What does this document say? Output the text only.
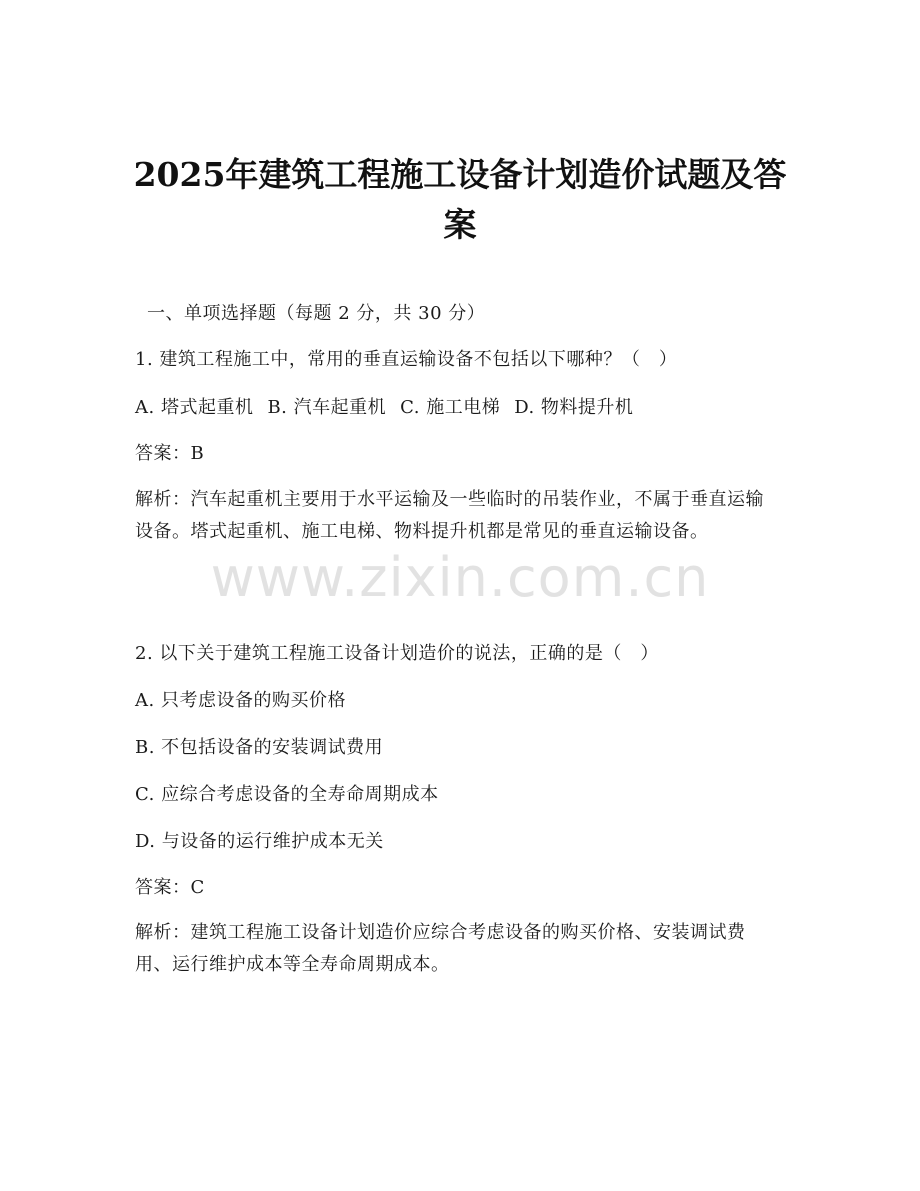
2025年建筑工程施工设备计划造价试题及答案
一、单项选择题（每题 2 分，共 30 分）
1. 建筑工程施工中，常用的垂直运输设备不包括以下哪种？（　）
A. 塔式起重机 B. 汽车起重机 C. 施工电梯 D. 物料提升机
答案：B
解析：汽车起重机主要用于水平运输及一些临时的吊装作业，不属于垂直运输设备。塔式起重机、施工电梯、物料提升机都是常见的垂直运输设备。
2. 以下关于建筑工程施工设备计划造价的说法，正确的是（　）
A. 只考虑设备的购买价格
B. 不包括设备的安装调试费用
C. 应综合考虑设备的全寿命周期成本
D. 与设备的运行维护成本无关
答案：C
解析：建筑工程施工设备计划造价应综合考虑设备的购买价格、安装调试费用、运行维护成本等全寿命周期成本。
www.zixin.com.cn
